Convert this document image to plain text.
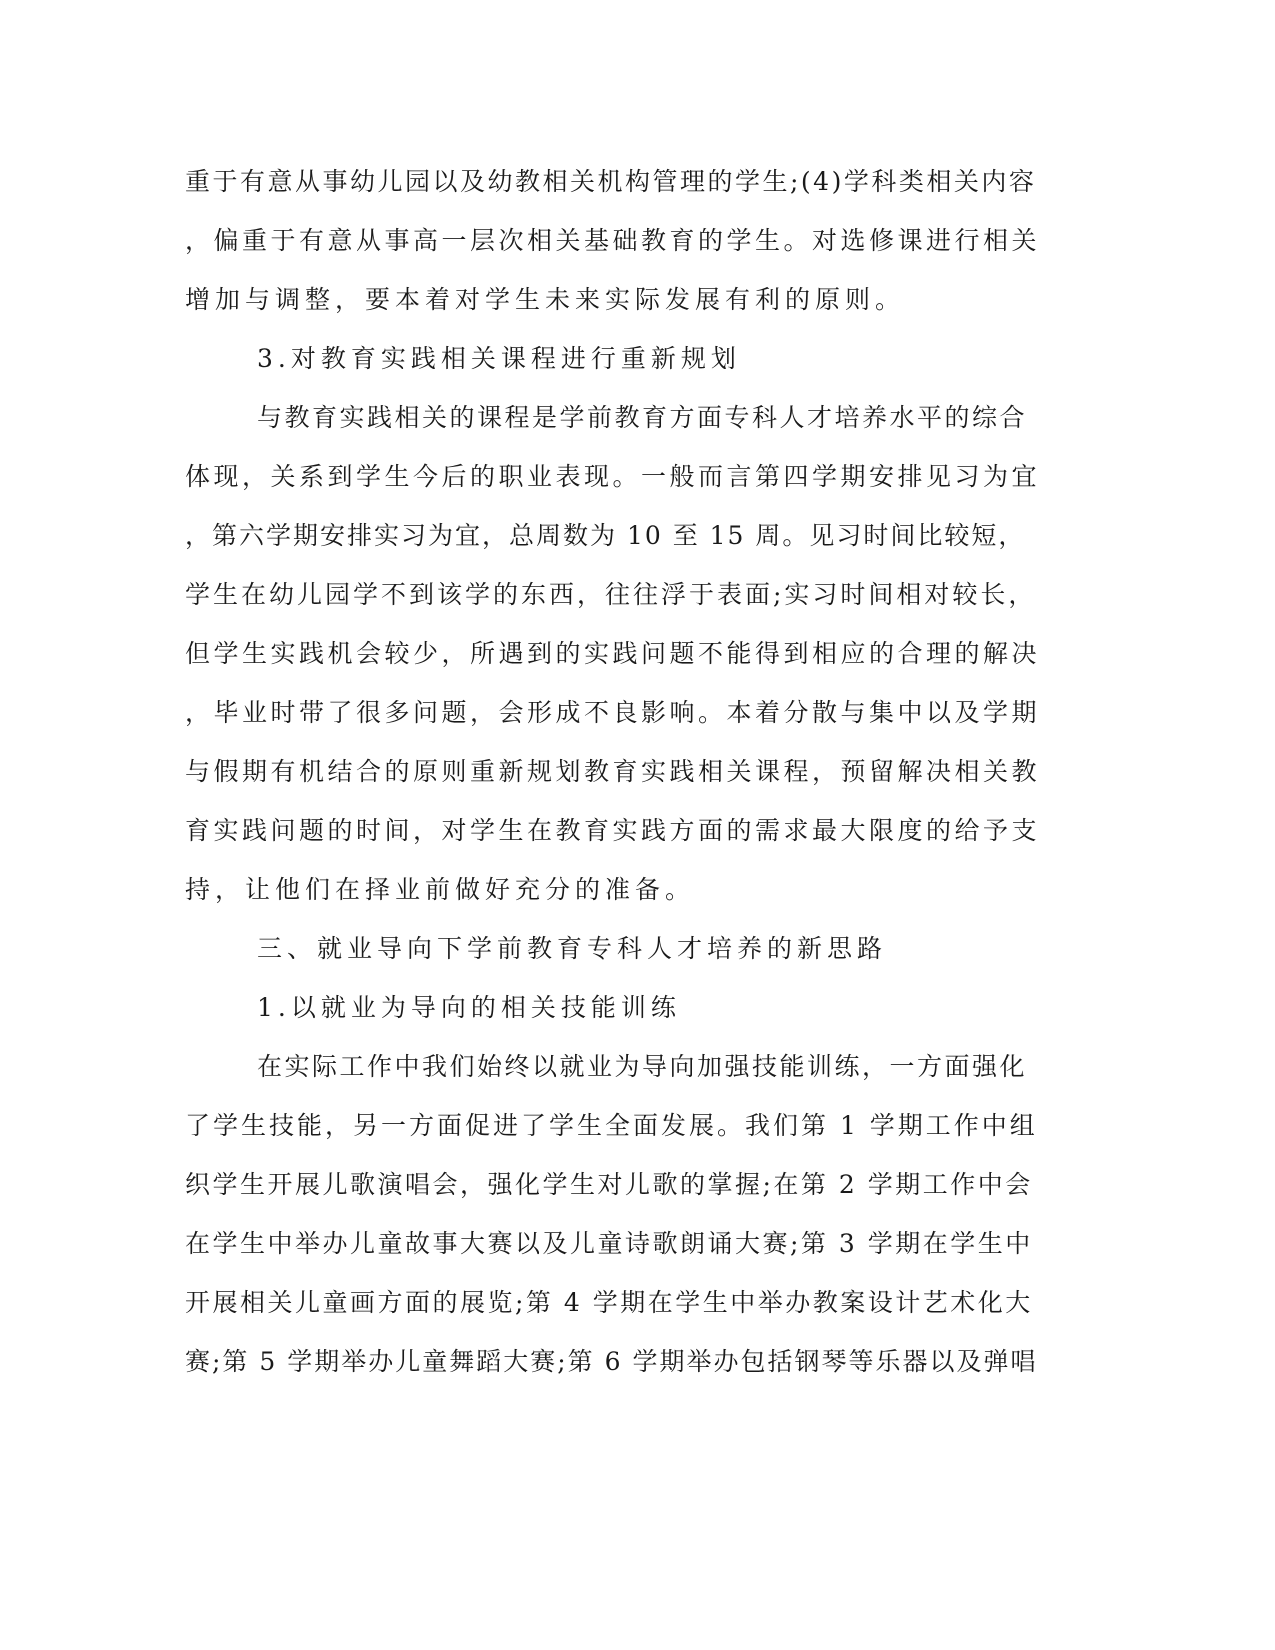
重于有意从事幼儿园以及幼教相关机构管理的学生;(4)学科类相关内容
，偏重于有意从事高一层次相关基础教育的学生。对选修课进行相关
增加与调整，要本着对学生未来实际发展有利的原则。
3.对教育实践相关课程进行重新规划
与教育实践相关的课程是学前教育方面专科人才培养水平的综合
体现，关系到学生今后的职业表现。一般而言第四学期安排见习为宜
，第六学期安排实习为宜，总周数为 10 至 15 周。见习时间比较短，
学生在幼儿园学不到该学的东西，往往浮于表面;实习时间相对较长，
但学生实践机会较少，所遇到的实践问题不能得到相应的合理的解决
，毕业时带了很多问题，会形成不良影响。本着分散与集中以及学期
与假期有机结合的原则重新规划教育实践相关课程，预留解决相关教
育实践问题的时间，对学生在教育实践方面的需求最大限度的给予支
持，让他们在择业前做好充分的准备。
三、就业导向下学前教育专科人才培养的新思路
1.以就业为导向的相关技能训练
在实际工作中我们始终以就业为导向加强技能训练，一方面强化
了学生技能，另一方面促进了学生全面发展。我们第 1 学期工作中组
织学生开展儿歌演唱会，强化学生对儿歌的掌握;在第 2 学期工作中会
在学生中举办儿童故事大赛以及儿童诗歌朗诵大赛;第 3 学期在学生中
开展相关儿童画方面的展览;第 4 学期在学生中举办教案设计艺术化大
赛;第 5 学期举办儿童舞蹈大赛;第 6 学期举办包括钢琴等乐器以及弹唱
